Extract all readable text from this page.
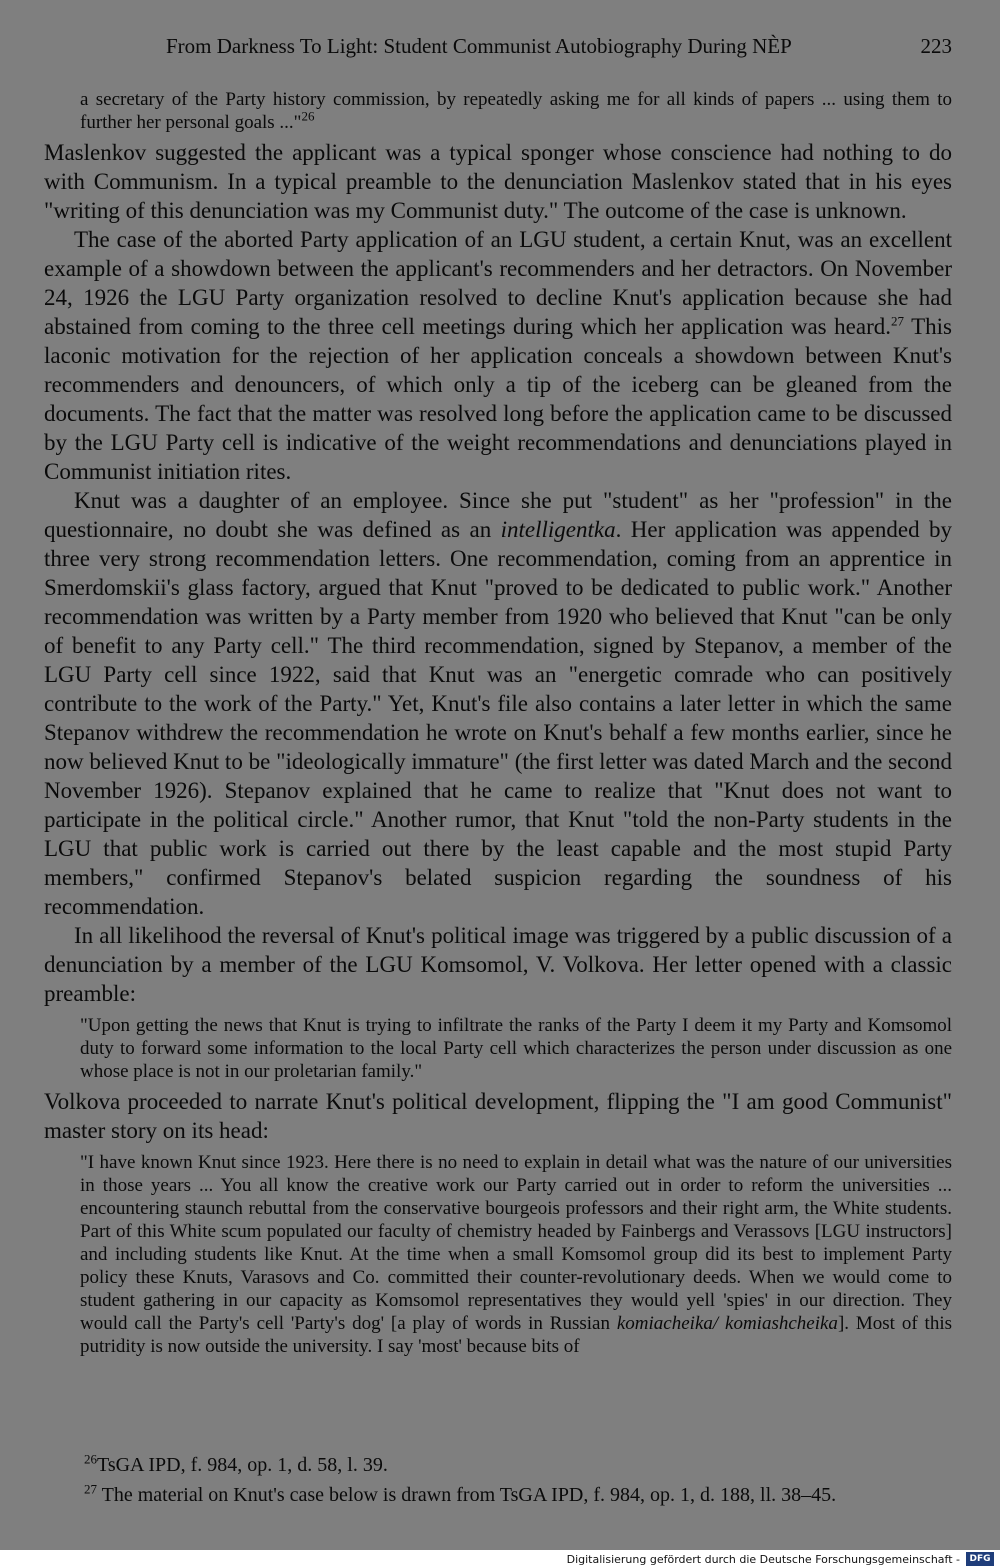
From Darkness To Light: Student Communist Autobiography During NÈP	223

a secretary of the Party history commission, by repeatedly asking me for all kinds of papers ... using them to further her personal goals ..."$^{26}$

Maslenkov suggested the applicant was a typical sponger whose conscience had nothing to do with Communism. In a typical preamble to the denunciation Maslenkov stated that in his eyes "writing of this denunciation was my Communist duty." The outcome of the case is unknown.

The case of the aborted Party application of an LGU student, a certain Knut, was an excellent example of a showdown between the applicant's recommenders and her detractors. On November 24, 1926 the LGU Party organization resolved to decline Knut's application because she had abstained from coming to the three cell meetings during which her application was heard.$^{27}$ This laconic motivation for the rejection of her application conceals a showdown between Knut's recommenders and denouncers, of which only a tip of the iceberg can be gleaned from the documents. The fact that the matter was resolved long before the application came to be discussed by the LGU Party cell is indicative of the weight recommendations and denunciations played in Communist initiation rites.

Knut was a daughter of an employee. Since she put "student" as her "profession" in the questionnaire, no doubt she was defined as an intelligentka. Her application was appended by three very strong recommendation letters. One recommendation, coming from an apprentice in Smerdomskii's glass factory, argued that Knut "proved to be dedicated to public work." Another recommendation was written by a Party member from 1920 who believed that Knut "can be only of benefit to any Party cell." The third recommendation, signed by Stepanov, a member of the LGU Party cell since 1922, said that Knut was an "energetic comrade who can positively contribute to the work of the Party." Yet, Knut's file also contains a later letter in which the same Stepanov withdrew the recommendation he wrote on Knut's behalf a few months earlier, since he now believed Knut to be "ideologically immature" (the first letter was dated March and the second November 1926). Stepanov explained that he came to realize that "Knut does not want to participate in the political circle." Another rumor, that Knut "told the non-Party students in the LGU that public work is carried out there by the least capable and the most stupid Party members," confirmed Stepanov's belated suspicion regarding the soundness of his recommendation.

In all likelihood the reversal of Knut's political image was triggered by a public discussion of a denunciation by a member of the LGU Komsomol, V. Volkova. Her letter opened with a classic preamble:

"Upon getting the news that Knut is trying to infiltrate the ranks of the Party I deem it my Party and Komsomol duty to forward some information to the local Party cell which characterizes the person under discussion as one whose place is not in our proletarian family."

Volkova proceeded to narrate Knut's political development, flipping the "I am good Communist" master story on its head:

"I have known Knut since 1923. Here there is no need to explain in detail what was the nature of our universities in those years ... You all know the creative work our Party carried out in order to reform the universities ... encountering staunch rebuttal from the conservative bourgeois professors and their right arm, the White students. Part of this White scum populated our faculty of chemistry headed by Fainbergs and Verassovs [LGU instructors] and including students like Knut. At the time when a small Komsomol group did its best to implement Party policy these Knuts, Varasovs and Co. committed their counter-revolutionary deeds. When we would come to student gathering in our capacity as Komsomol representatives they would yell 'spies' in our direction. They would call the Party's cell 'Party's dog' [a play of words in Russian komiacheika/ komiashcheika]. Most of this putridity is now outside the university. I say 'most' because bits of

$^{26}$TsGA IPD, f. 984, op. 1, d. 58, l. 39.
$^{27}$ The material on Knut's case below is drawn from TsGA IPD, f. 984, op. 1, d. 188, ll. 38–45.
Digitalisierung gefördert durch die Deutsche Forschungsgemeinschaft -	DFG
